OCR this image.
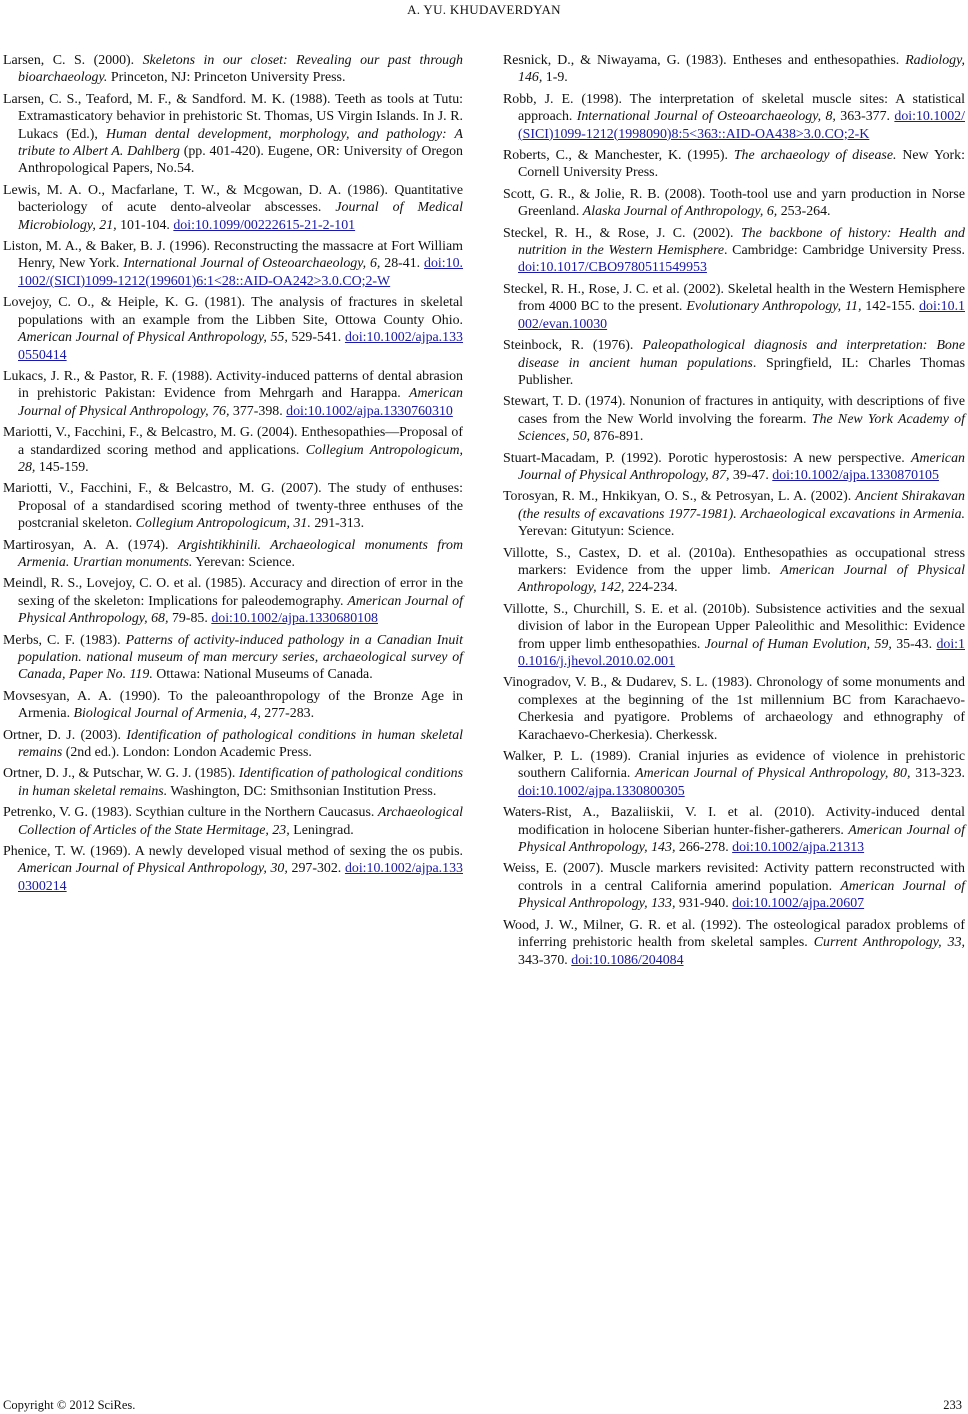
A. YU. KHUDAVERDYAN

Larsen, C. S. (2000). Skeletons in our closet: Revealing our past through bioarchaeology. Princeton, NJ: Princeton University Press.

Larsen, C. S., Teaford, M. F., & Sandford. M. K. (1988). Teeth as tools at Tutu: Extramasticatory behavior in prehistoric St. Thomas, US Virgin Islands. In J. R. Lukacs (Ed.), Human dental development, morphology, and pathology: A tribute to Albert A. Dahlberg (pp. 401-420). Eugene, OR: University of Oregon Anthropological Papers, No.54.

Lewis, M. A. O., Macfarlane, T. W., & Mcgowan, D. A. (1986). Quantitative bacteriology of acute dento-alveolar abscesses. Journal of Medical Microbiology, 21, 101-104. doi:10.1099/00222615-21-2-101

Liston, M. A., & Baker, B. J. (1996). Reconstructing the massacre at Fort William Henry, New York. International Journal of Osteoarchaeology, 6, 28-41. doi:10.1002/(SICI)1099-1212(199601)6:1<28::AID-OA242>3.0.CO;2-W

Lovejoy, C. O., & Heiple, K. G. (1981). The analysis of fractures in skeletal populations with an example from the Libben Site, Ottowa County Ohio. American Journal of Physical Anthropology, 55, 529-541. doi:10.1002/ajpa.1330550414

Lukacs, J. R., & Pastor, R. F. (1988). Activity-induced patterns of dental abrasion in prehistoric Pakistan: Evidence from Mehrgarh and Harappa. American Journal of Physical Anthropology, 76, 377-398. doi:10.1002/ajpa.1330760310

Mariotti, V., Facchini, F., & Belcastro, M. G. (2004). Enthesopathies—Proposal of a standardized scoring method and applications. Collegium Antropologicum, 28, 145-159.

Mariotti, V., Facchini, F., & Belcastro, M. G. (2007). The study of enthuses: Proposal of a standardised scoring method of twenty-three enthuses of the postcranial skeleton. Collegium Antropologicum, 31. 291-313.

Martirosyan, A. A. (1974). Argishtikhinili. Archaeological monuments from Armenia. Urartian monuments. Yerevan: Science.

Meindl, R. S., Lovejoy, C. O. et al. (1985). Accuracy and direction of error in the sexing of the skeleton: Implications for paleodemography. American Journal of Physical Anthropology, 68, 79-85. doi:10.1002/ajpa.1330680108

Merbs, C. F. (1983). Patterns of activity-induced pathology in a Canadian Inuit population. national museum of man mercury series, archaeological survey of Canada, Paper No. 119. Ottawa: National Museums of Canada.

Movsesyan, A. A. (1990). To the paleoanthropology of the Bronze Age in Armenia. Biological Journal of Armenia, 4, 277-283.

Ortner, D. J. (2003). Identification of pathological conditions in human skeletal remains (2nd ed.). London: London Academic Press.

Ortner, D. J., & Putschar, W. G. J. (1985). Identification of pathological conditions in human skeletal remains. Washington, DC: Smithsonian Institution Press.

Petrenko, V. G. (1983). Scythian culture in the Northern Caucasus. Archaeological Collection of Articles of the State Hermitage, 23, Leningrad.

Phenice, T. W. (1969). A newly developed visual method of sexing the os pubis. American Journal of Physical Anthropology, 30, 297-302. doi:10.1002/ajpa.1330300214

Resnick, D., & Niwayama, G. (1983). Entheses and enthesopathies. Radiology, 146, 1-9.

Robb, J. E. (1998). The interpretation of skeletal muscle sites: A statistical approach. International Journal of Osteoarchaeology, 8, 363-377. doi:10.1002/(SICI)1099-1212(1998090)8:5<363::AID-OA438>3.0.CO;2-K

Roberts, C., & Manchester, K. (1995). The archaeology of disease. New York: Cornell University Press.

Scott, G. R., & Jolie, R. B. (2008). Tooth-tool use and yarn production in Norse Greenland. Alaska Journal of Anthropology, 6, 253-264.

Steckel, R. H., & Rose, J. C. (2002). The backbone of history: Health and nutrition in the Western Hemisphere. Cambridge: Cambridge University Press. doi:10.1017/CBO9780511549953

Steckel, R. H., Rose, J. C. et al. (2002). Skeletal health in the Western Hemisphere from 4000 BC to the present. Evolutionary Anthropology, 11, 142-155. doi:10.1002/evan.10030

Steinbock, R. (1976). Paleopathological diagnosis and interpretation: Bone disease in ancient human populations. Springfield, IL: Charles Thomas Publisher.

Stewart, T. D. (1974). Nonunion of fractures in antiquity, with descriptions of five cases from the New World involving the forearm. The New York Academy of Sciences, 50, 876-891.

Stuart-Macadam, P. (1992). Porotic hyperostosis: A new perspective. American Journal of Physical Anthropology, 87, 39-47. doi:10.1002/ajpa.1330870105

Torosyan, R. M., Hnkikyan, O. S., & Petrosyan, L. A. (2002). Ancient Shirakavan (the results of excavations 1977-1981). Archaeological excavations in Armenia. Yerevan: Gitutyun: Science.

Villotte, S., Castex, D. et al. (2010a). Enthesopathies as occupational stress markers: Evidence from the upper limb. American Journal of Physical Anthropology, 142, 224-234.

Villotte, S., Churchill, S. E. et al. (2010b). Subsistence activities and the sexual division of labor in the European Upper Paleolithic and Mesolithic: Evidence from upper limb enthesopathies. Journal of Human Evolution, 59, 35-43. doi:10.1016/j.jhevol.2010.02.001

Vinogradov, V. B., & Dudarev, S. L. (1983). Chronology of some monuments and complexes at the beginning of the 1st millennium BC from Karachaevo-Cherkesia and pyatigore. Problems of archaeology and ethnography of Karachaevo-Cherkesia). Cherkessk.

Walker, P. L. (1989). Cranial injuries as evidence of violence in prehistoric southern California. American Journal of Physical Anthropology, 80, 313-323. doi:10.1002/ajpa.1330800305

Waters-Rist, A., Bazaliiskii, V. I. et al. (2010). Activity-induced dental modification in holocene Siberian hunter-fisher-gatherers. American Journal of Physical Anthropology, 143, 266-278. doi:10.1002/ajpa.21313

Weiss, E. (2007). Muscle markers revisited: Activity pattern reconstructed with controls in a central California amerind population. American Journal of Physical Anthropology, 133, 931-940. doi:10.1002/ajpa.20607

Wood, J. W., Milner, G. R. et al. (1992). The osteological paradox problems of inferring prehistoric health from skeletal samples. Current Anthropology, 33, 343-370. doi:10.1086/204084

Copyright © 2012 SciRes.	233
